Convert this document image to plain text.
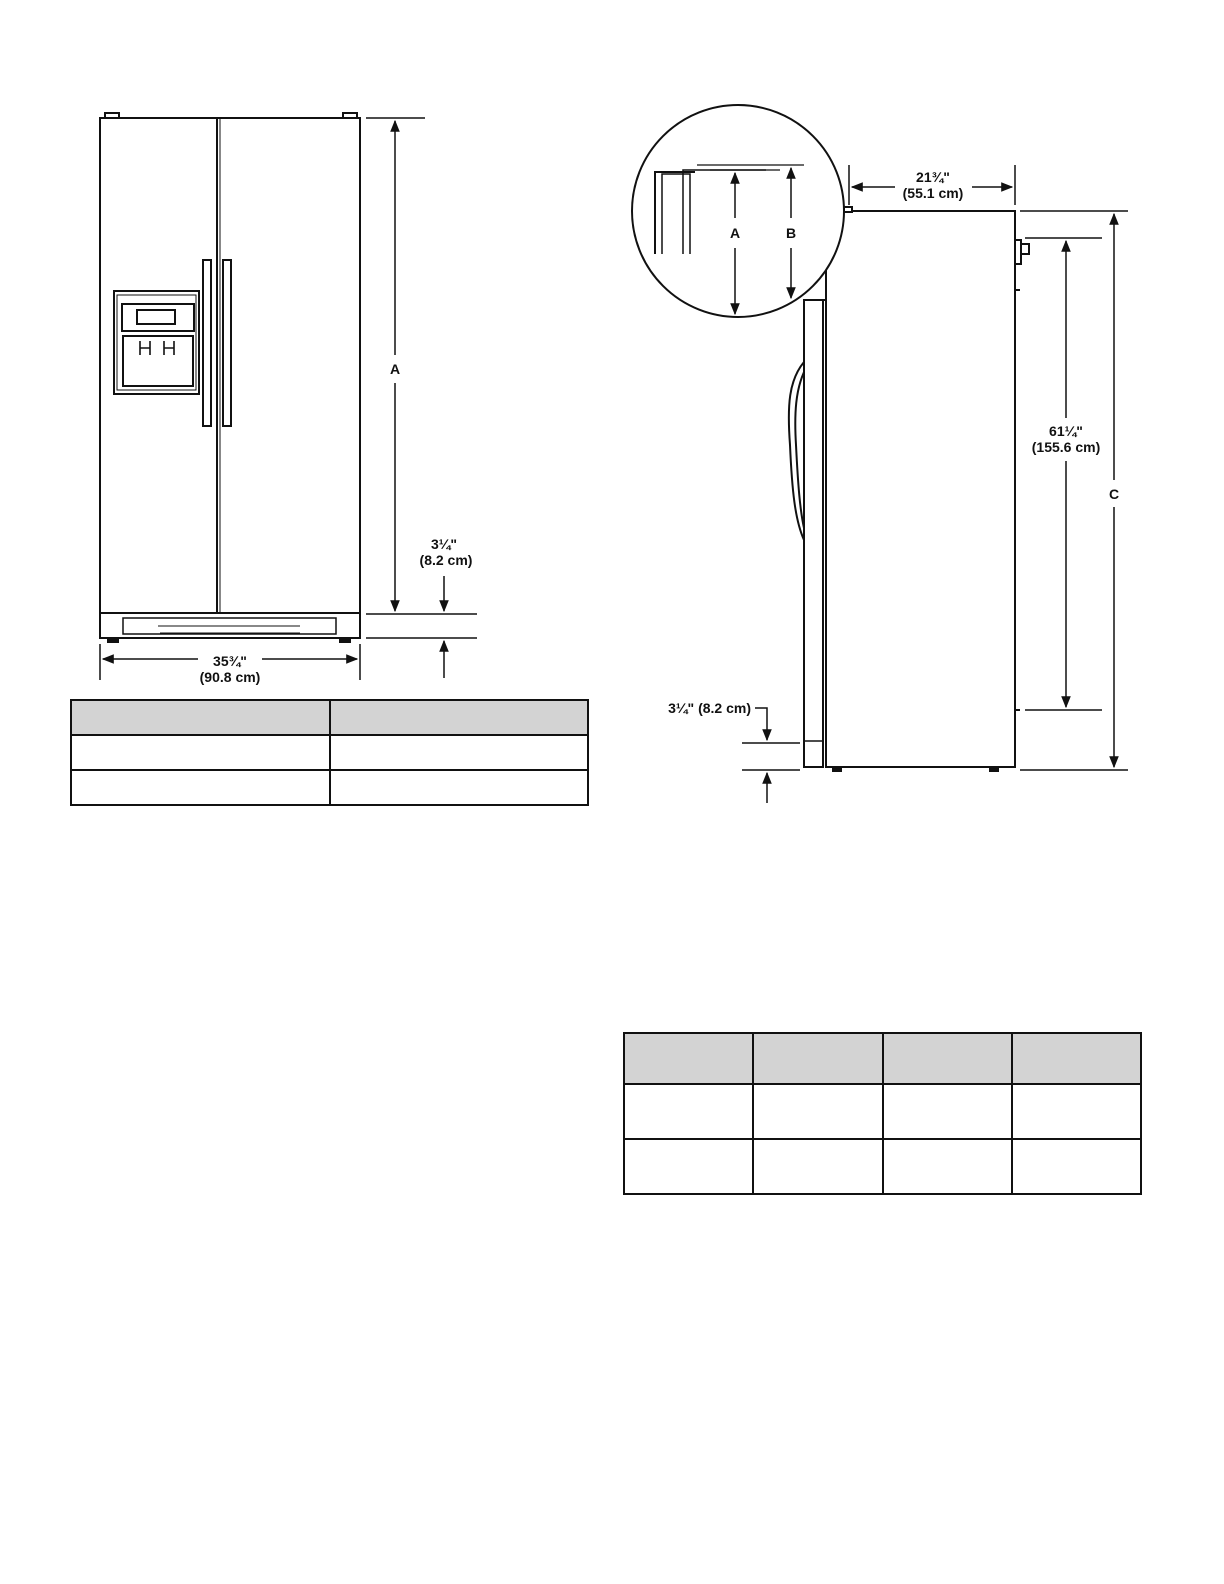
A
3¼"
(8.2 cm)
35¾"
(90.8 cm)
A	B
21¾"
(55.1 cm)
61¼"
(155.6 cm)
C
3¼" (8.2 cm)
